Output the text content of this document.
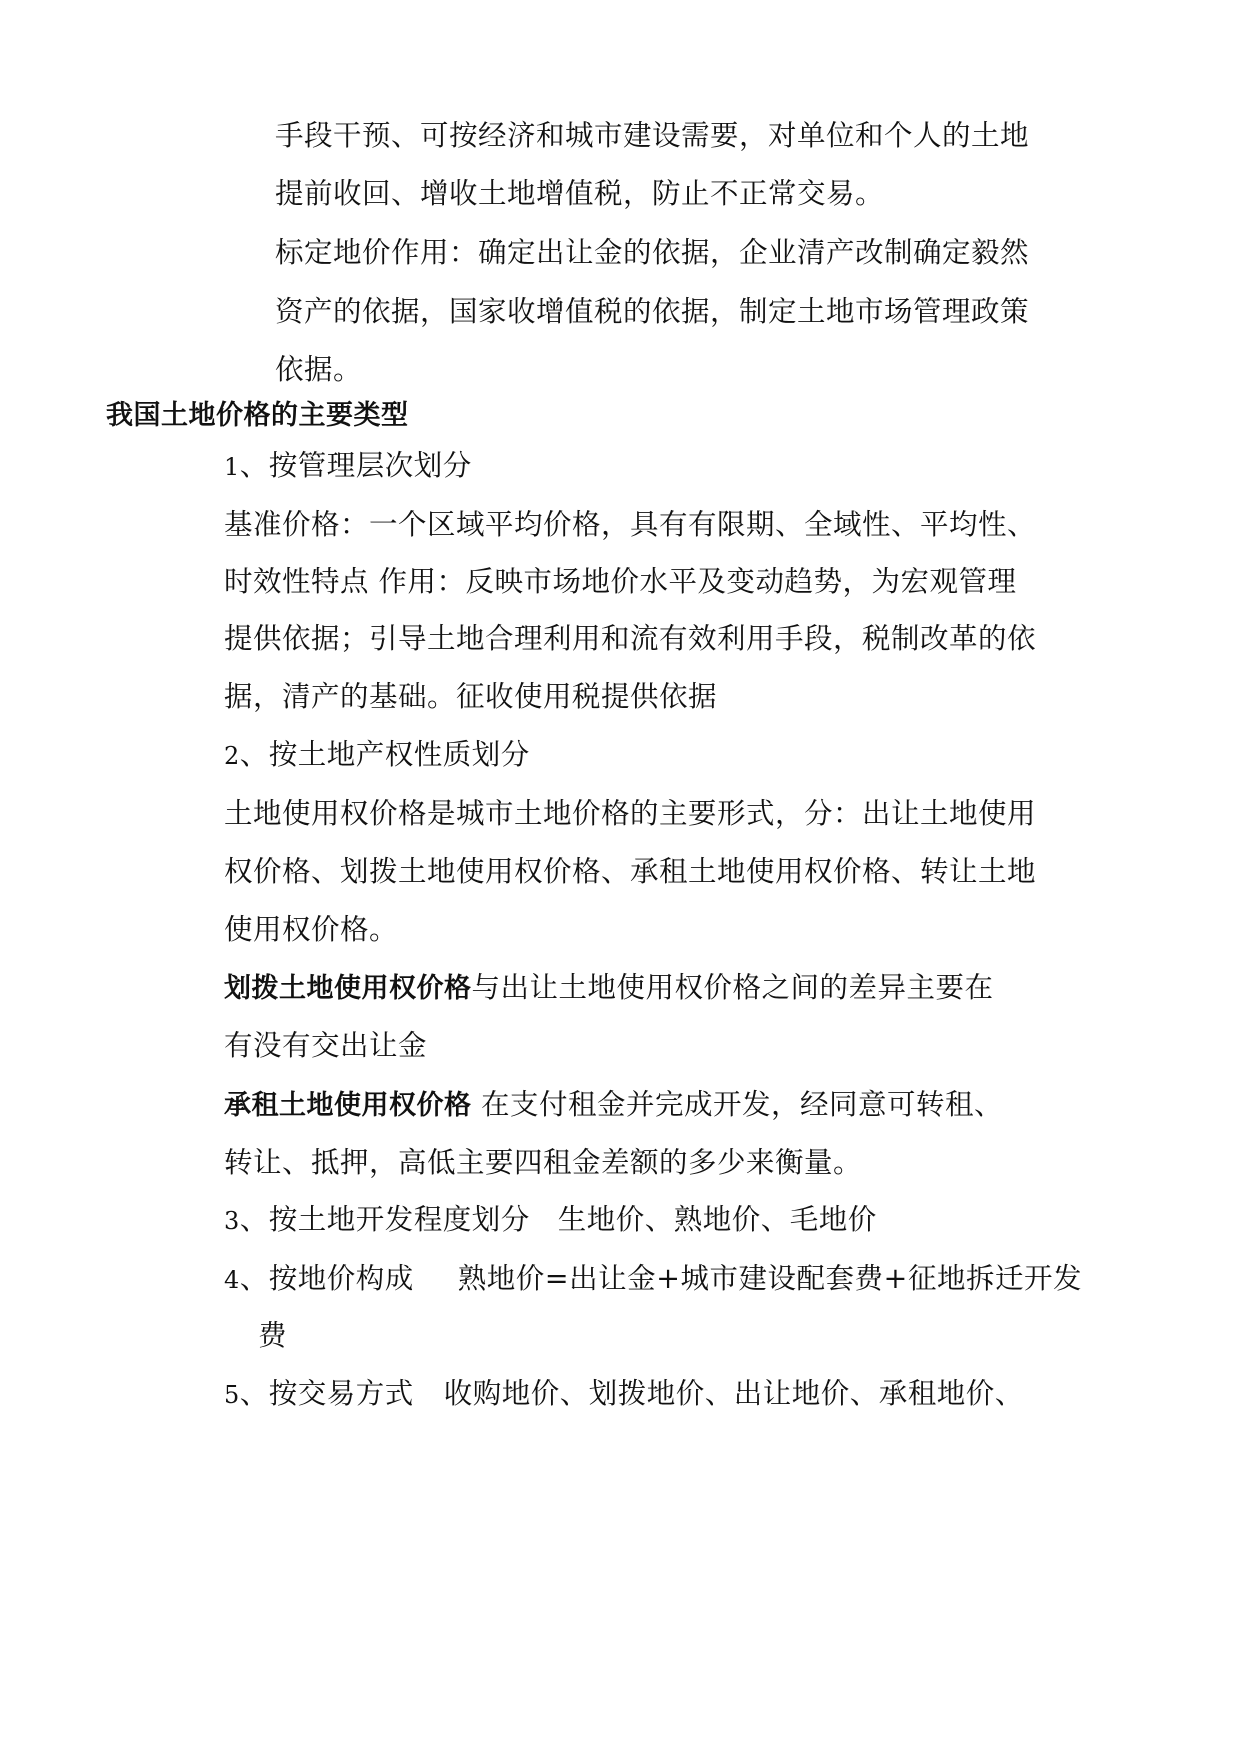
手段干预、可按经济和城市建设需要，对单位和个人的土地
提前收回、增收土地增值税，防止不正常交易。
标定地价作用：确定出让金的依据，企业清产改制确定毅然
资产的依据，国家收增值税的依据，制定土地市场管理政策
依据。
我国土地价格的主要类型
1、按管理层次划分
基准价格：一个区域平均价格，具有有限期、全域性、平均性、
时效性特点 作用：反映市场地价水平及变动趋势，为宏观管理
提供依据；引导土地合理利用和流有效利用手段，税制改革的依
据，清产的基础。征收使用税提供依据
2、按土地产权性质划分
土地使用权价格是城市土地价格的主要形式，分：出让土地使用
权价格、划拨土地使用权价格、承租土地使用权价格、转让土地
使用权价格。
划拨土地使用权价格与出让土地使用权价格之间的差异主要在
有没有交出让金
承租土地使用权价格 在支付租金并完成开发，经同意可转租、
转让、抵押，高低主要四租金差额的多少来衡量。
3、按土地开发程度划分 生地价、熟地价、毛地价
4、按地价构成 熟地价=出让金+城市建设配套费+征地拆迁开发
费
5、按交易方式 收购地价、划拨地价、出让地价、承租地价、
